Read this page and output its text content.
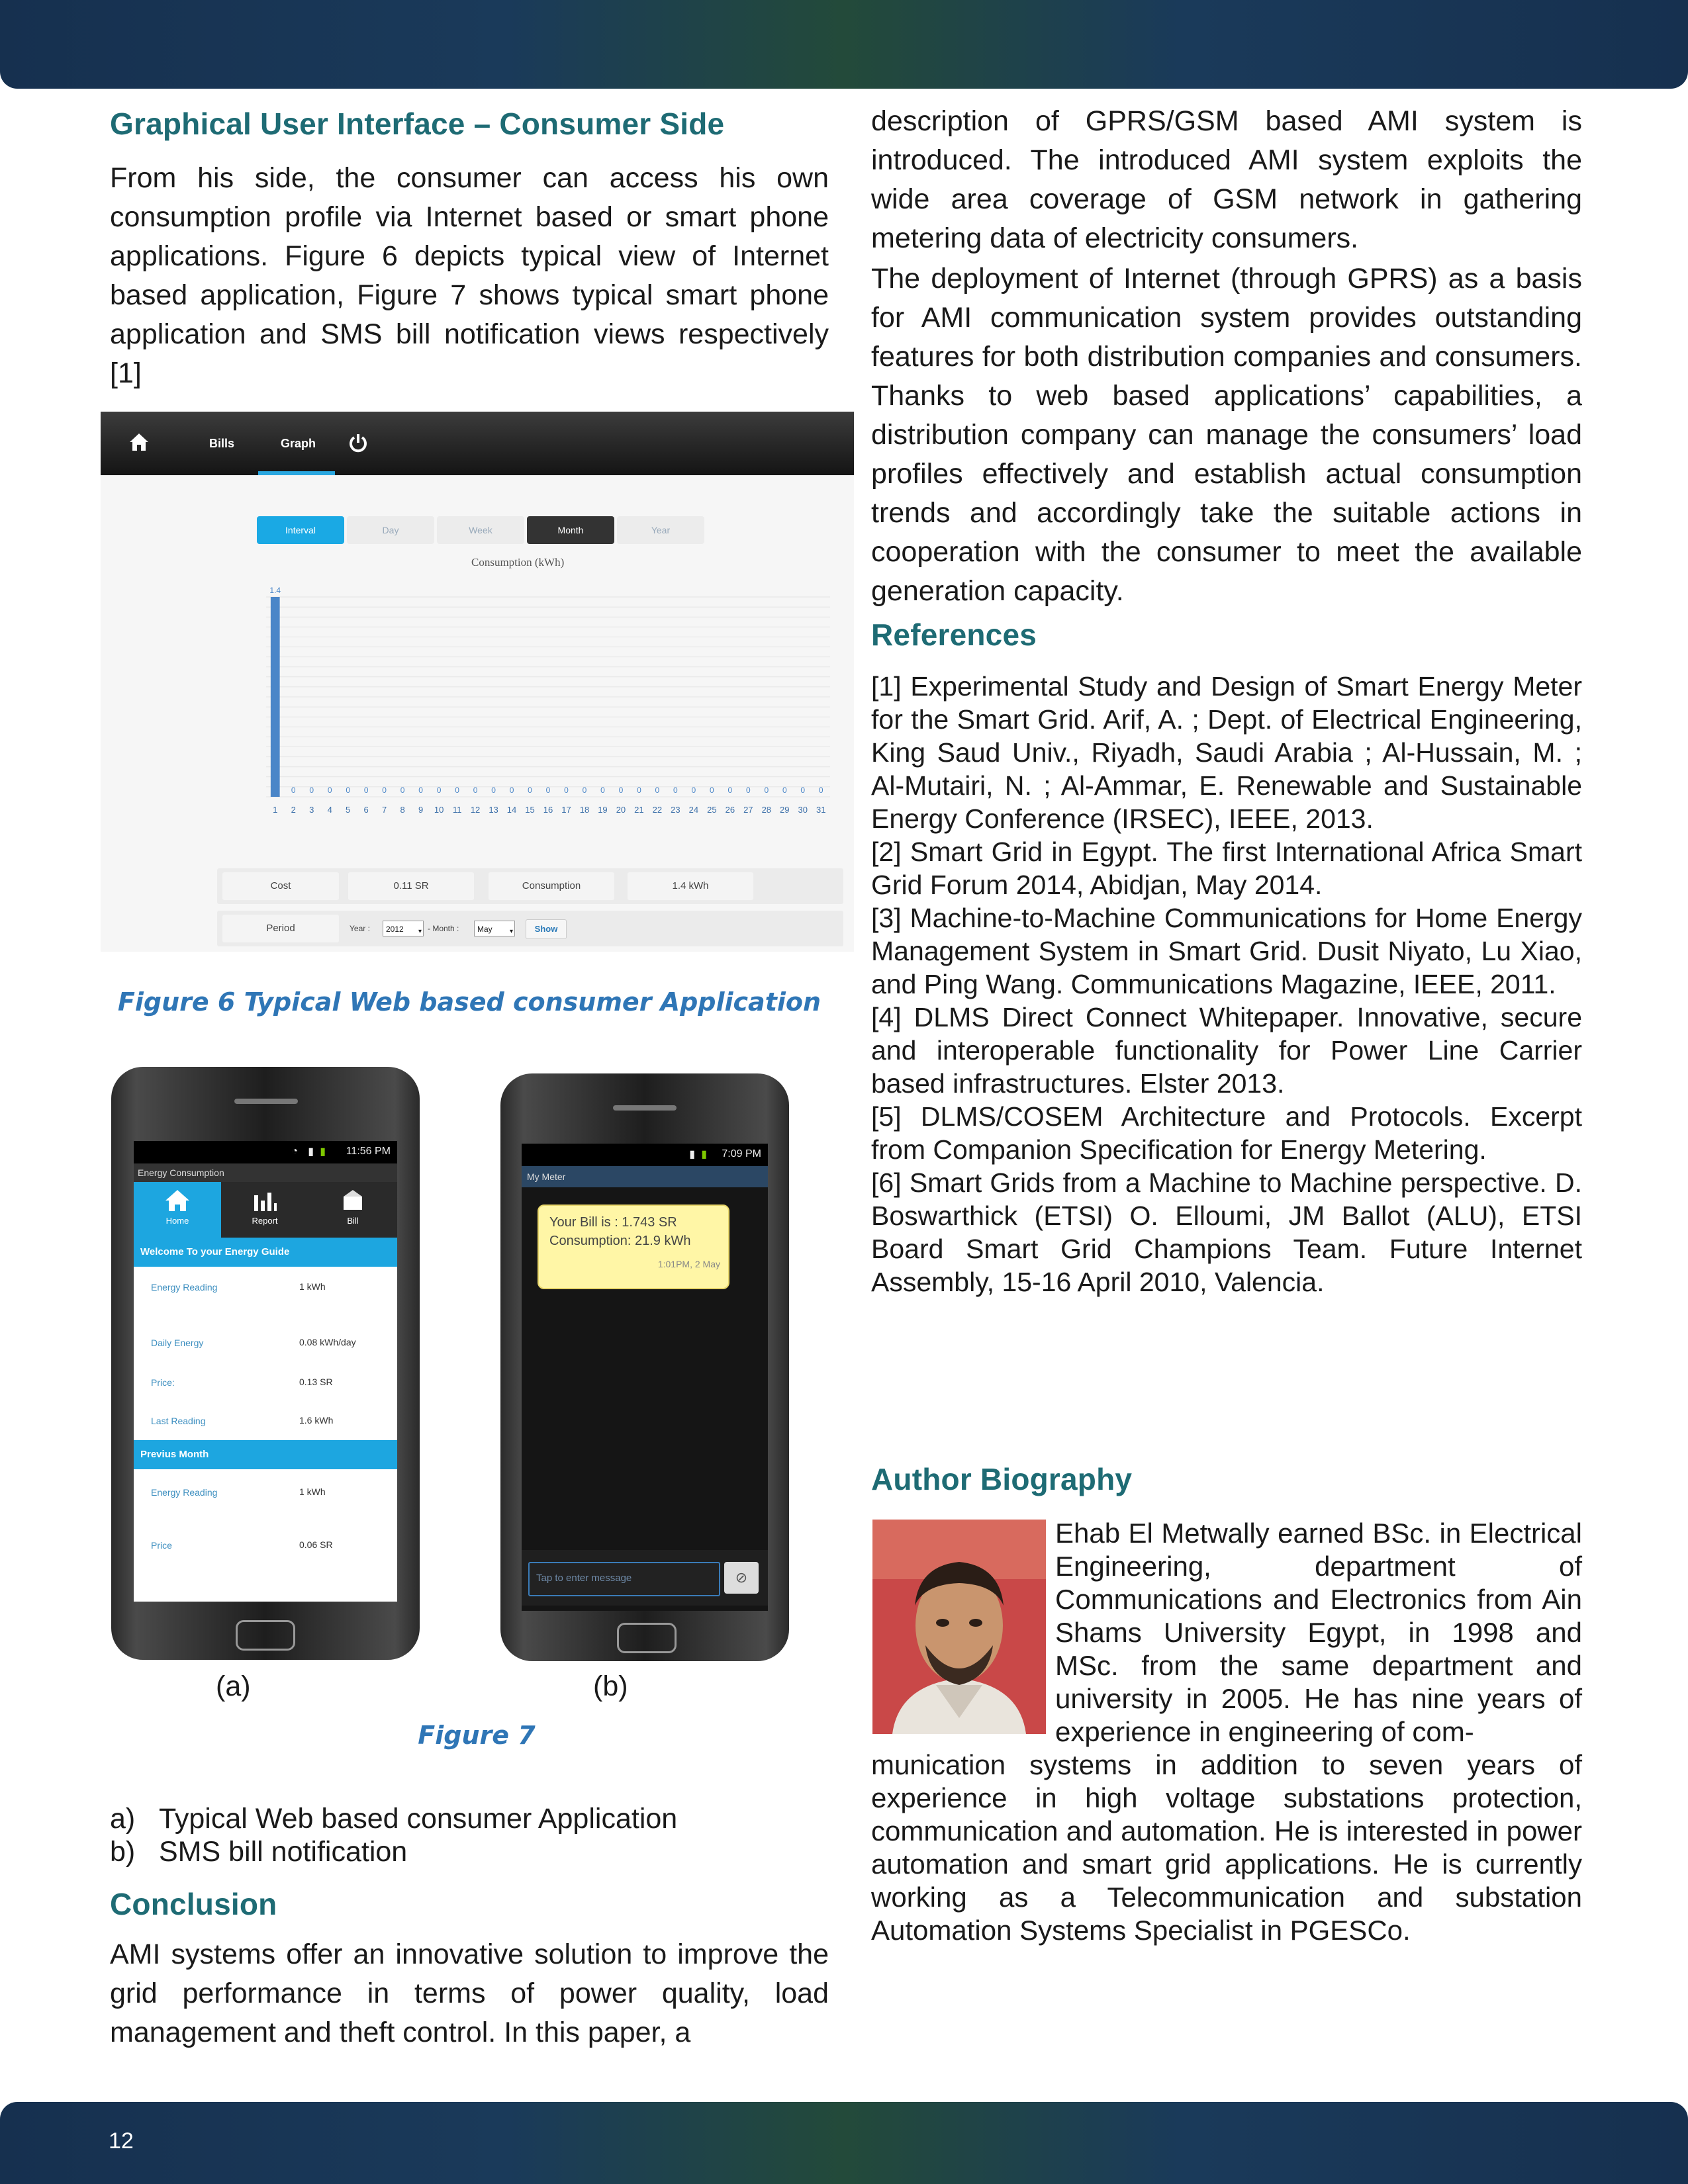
12
Graphical User Interface – Consumer Side

From his side, the consumer can access his own consumption profile via Internet based or smart phone applications. Figure 6 depicts typical view of Internet based application, Figure 7 shows typical smart phone application and SMS bill notification views respectively [1]

Bills	Graph
Interval	Day	Week	Month	Year
Consumption (kWh)
1.4
1
0
2
0
3
0
4
0
5
0
6
0
7
0
8
0
9
0
10
0
11
0
12
0
13
0
14
0
15
0
16
0
17
0
18
0
19
0
20
0
21
0
22
0
23
0
24
0
25
0
26
0
27
0
28
0
29
0
30
0
31
Cost	0.11 SR	Consumption	1.4 kWh
Period	Year :	2012 ▾ - Month :	May	▾	Show
Figure 6 Typical Web based consumer Application
◔ ▮ ▮ 11:56 PM
Energy Consumption
Home	Report	Bill
Welcome To your Energy Guide
Energy Reading	1 kWh
Daily Energy	0.08 kWh/day
Price:	0.13 SR
Last Reading	1.6 kWh
Previus Month
Energy Reading	1 kWh
Price	0.06 SR
▮ ▮ 7:09 PM
My Meter
Your Bill is : 1.743 SR
Consumption: 21.9 kWh
1:01PM, 2 May
Tap to enter message	⊘
(a)	(b)
Figure 7
a) Typical Web based consumer Application
b) SMS bill notification
Conclusion

AMI systems offer an innovative solution to improve the grid performance in terms of power quality, load management and theft control. In this paper, a

description of GPRS/GSM based AMI system is introduced. The introduced AMI system exploits the wide area coverage of GSM network in gathering metering data of electricity consumers.

The deployment of Internet (through GPRS) as a basis for AMI communication system provides outstanding features for both distribution companies and consumers. Thanks to web based applications’ capabilities, a distribution company can manage the consumers’ load profiles effectively and establish actual consumption trends and accordingly take the suitable actions in cooperation with the consumer to meet the available generation capacity.

References

[1] Experimental Study and Design of Smart Energy Meter for the Smart Grid. Arif, A. ; Dept. of Electrical Engineering, King Saud Univ., Riyadh, Saudi Arabia ; Al-Hussain, M. ; Al-Mutairi, N. ; Al-Ammar, E. Renewable and Sustainable Energy Conference (IRSEC), IEEE, 2013.

[2] Smart Grid in Egypt. The first International Africa Smart Grid Forum 2014, Abidjan, May 2014.

[3] Machine-to-Machine Communications for Home Energy Management System in Smart Grid. Dusit Niyato, Lu Xiao, and Ping Wang. Communications Magazine, IEEE, 2011.

[4] DLMS Direct Connect Whitepaper. Innovative, secure and interoperable functionality for Power Line Carrier based infrastructures. Elster 2013.

[5] DLMS/COSEM Architecture and Protocols. Excerpt from Companion Specification for Energy Metering.

[6] Smart Grids from a Machine to Machine perspective. D. Boswarthick (ETSI) O. Elloumi, JM Ballot (ALU), ETSI Board Smart Grid Champions Team. Future Internet Assembly, 15-16 April 2010, Valencia.

Author Biography
Ehab El Metwally earned BSc. in Electrical Engineering, department of Communications and Electronics from Ain Shams University Egypt, in 1998 and MSc. from the same department and university in 2005. He has nine years of experience in engineering of com-
munication systems in addition to seven years of experience in high voltage substations protection, communication and automation. He is interested in power automation and smart grid applications. He is currently working as a Telecommunication and substation Automation Systems Specialist in PGESCo.
